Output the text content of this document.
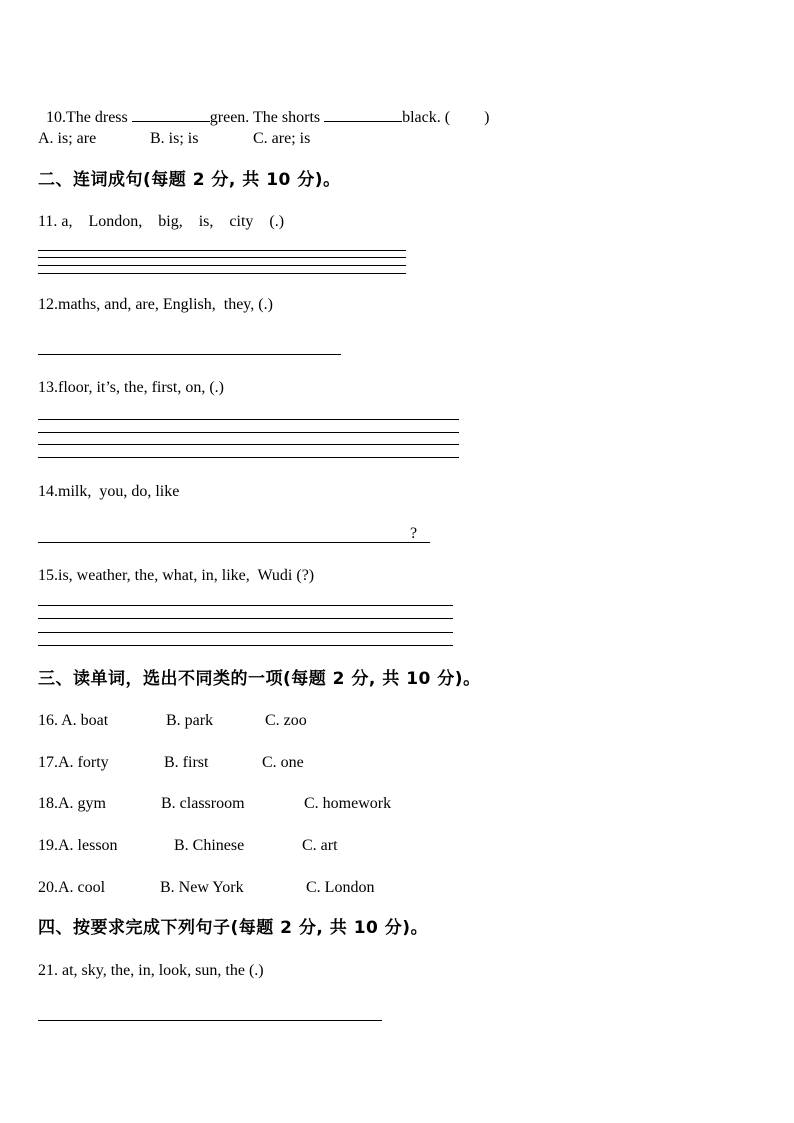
10.The dress	green. The shorts	black. ( )

A. is; are	B. is; is	C. are; is
二、连词成句(每题 2 分, 共 10 分)。
11. a,    London,    big,    is,    city    (.)
12.maths, and, are, English,  they, (.)
13.floor, it’s, the, first, on, (.)
14.milk,  you, do, like
?
15.is, weather, the, what, in, like,  Wudi (?)
三、读单词，选出不同类的一项(每题 2 分, 共 10 分)。
16. A. boat	B. park	C. zoo
17.A. forty	B. first	C. one
18.A. gym	B. classroom	C. homework
19.A. lesson	B. Chinese	C. art
20.A. cool	B. New York	C. London
四、按要求完成下列句子(每题 2 分, 共 10 分)。
21. at, sky, the, in, look, sun, the (.)
